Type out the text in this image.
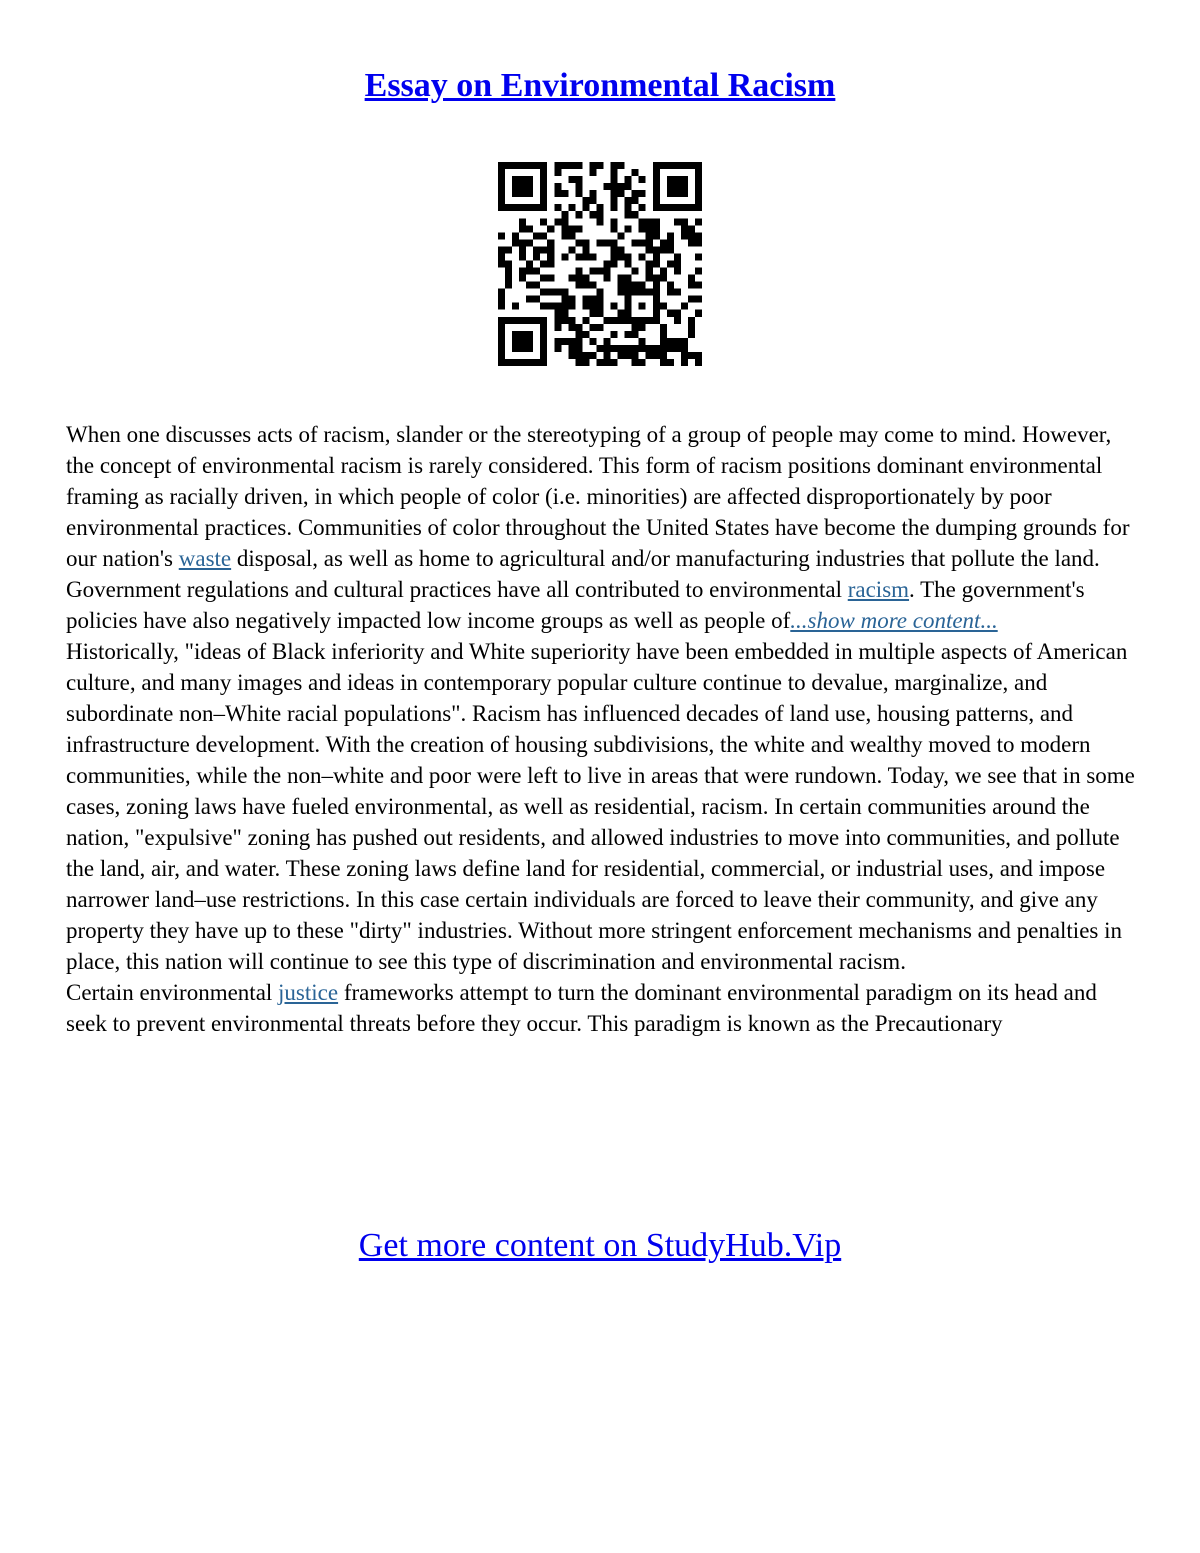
Essay on Environmental Racism

When one discusses acts of racism, slander or the stereotyping of a group of people may come to mind. However, the concept of environmental racism is rarely considered. This form of racism positions dominant environmental framing as racially driven, in which people of color (i.e. minorities) are affected disproportionately by poor environmental practices. Communities of color throughout the United States have become the dumping grounds for our nation's waste disposal, as well as home to agricultural and/or manufacturing industries that pollute the land. Government regulations and cultural practices have all contributed to environmental racism. The government's policies have also negatively impacted low income groups as well as people of...show more content...

Historically, "ideas of Black inferiority and White superiority have been embedded in multiple aspects of American culture, and many images and ideas in contemporary popular culture continue to devalue, marginalize, and subordinate non–White racial populations". Racism has influenced decades of land use, housing patterns, and infrastructure development. With the creation of housing subdivisions, the white and wealthy moved to modern communities, while the non–white and poor were left to live in areas that were rundown. Today, we see that in some cases, zoning laws have fueled environmental, as well as residential, racism. In certain communities around the nation, "expulsive" zoning has pushed out residents, and allowed industries to move into communities, and pollute the land, air, and water. These zoning laws define land for residential, commercial, or industrial uses, and impose narrower land–use restrictions. In this case certain individuals are forced to leave their community, and give any property they have up to these "dirty" industries. Without more stringent enforcement mechanisms and penalties in place, this nation will continue to see this type of discrimination and environmental racism.

Certain environmental justice frameworks attempt to turn the dominant environmental paradigm on its head and seek to prevent environmental threats before they occur. This paradigm is known as the Precautionary

Get more content on StudyHub.Vip
